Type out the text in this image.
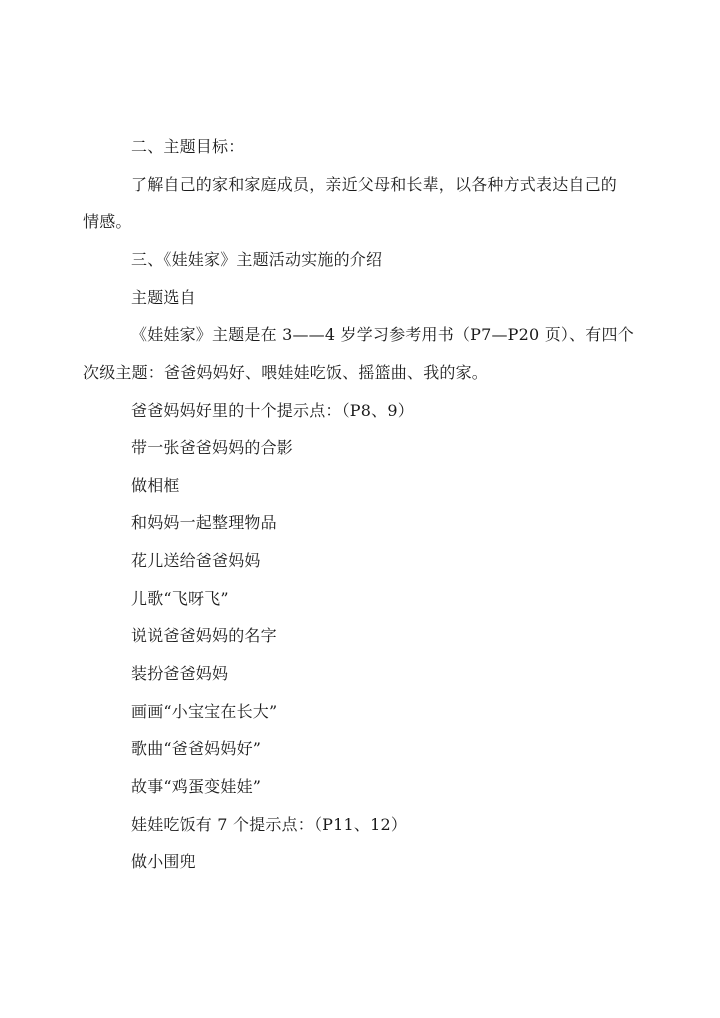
二、主题目标：
了解自己的家和家庭成员，亲近父母和长辈，以各种方式表达自己的
情感。
三、《娃娃家》主题活动实施的介绍
主题选自
《娃娃家》主题是在 3——4 岁学习参考用书（P7—P20 页）、有四个
次级主题：爸爸妈妈好、喂娃娃吃饭、摇篮曲、我的家。
爸爸妈妈好里的十个提示点：（P8、9）
带一张爸爸妈妈的合影
做相框
和妈妈一起整理物品
花儿送给爸爸妈妈
儿歌“飞呀飞”
说说爸爸妈妈的名字
装扮爸爸妈妈
画画“小宝宝在长大”
歌曲“爸爸妈妈好”
故事“鸡蛋变娃娃”
娃娃吃饭有 7 个提示点：（P11、12）
做小围兜
